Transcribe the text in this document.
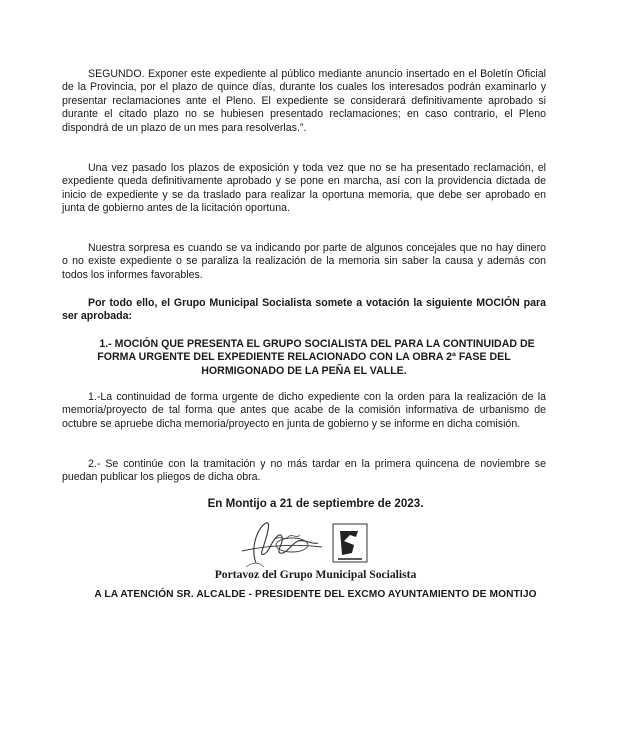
SEGUNDO. Exponer este expediente al público mediante anuncio insertado en el Boletín Oficial de la Provincia, por el plazo de quince días, durante los cuales los interesados podrán examinarlo y presentar reclamaciones ante el Pleno. El expediente se considerará definitivamente aprobado si durante el citado plazo no se hubiesen presentado reclamaciones; en caso contrario, el Pleno dispondrá de un plazo de un mes para resolverlas.”.

Una vez pasado los plazos de exposición y toda vez que no se ha presentado reclamación, el expediente queda definitivamente aprobado y se pone en marcha, así con la providencia dictada de inicio de expediente y se da traslado para realizar la oportuna memoria, que debe ser aprobado en junta de gobierno antes de la licitación oportuna.

Nuestra sorpresa es cuando se va indicando por parte de algunos concejales que no hay dinero o no existe expediente o se paraliza la realización de la memoria sin saber la causa y además con todos los informes favorables.

Por todo ello, el Grupo Municipal Socialista somete a votación la siguiente MOCIÓN para ser aprobada:

1.- MOCIÓN QUE PRESENTA EL GRUPO SOCIALISTA DEL PARA LA CONTINUIDAD DE FORMA URGENTE DEL EXPEDIENTE RELACIONADO CON LA OBRA 2ª FASE DEL HORMIGONADO DE LA PEÑA EL VALLE.

1.-La continuidad de forma urgente de dicho expediente con la orden para la realización de la memoria/proyecto de tal forma que antes que acabe de la comisión informativa de urbanismo de octubre se apruebe dicha memoria/proyecto en junta de gobierno y se informe en dicha comisión.

2.- Se continúe con la tramitación y no más tardar en la primera quincena de noviembre se puedan publicar los pliegos de dicha obra.

En Montijo a 21 de septiembre de 2023.
Portavoz del Grupo Municipal Socialista
A LA ATENCIÓN SR. ALCALDE - PRESIDENTE DEL EXCMO AYUNTAMIENTO DE MONTIJO
